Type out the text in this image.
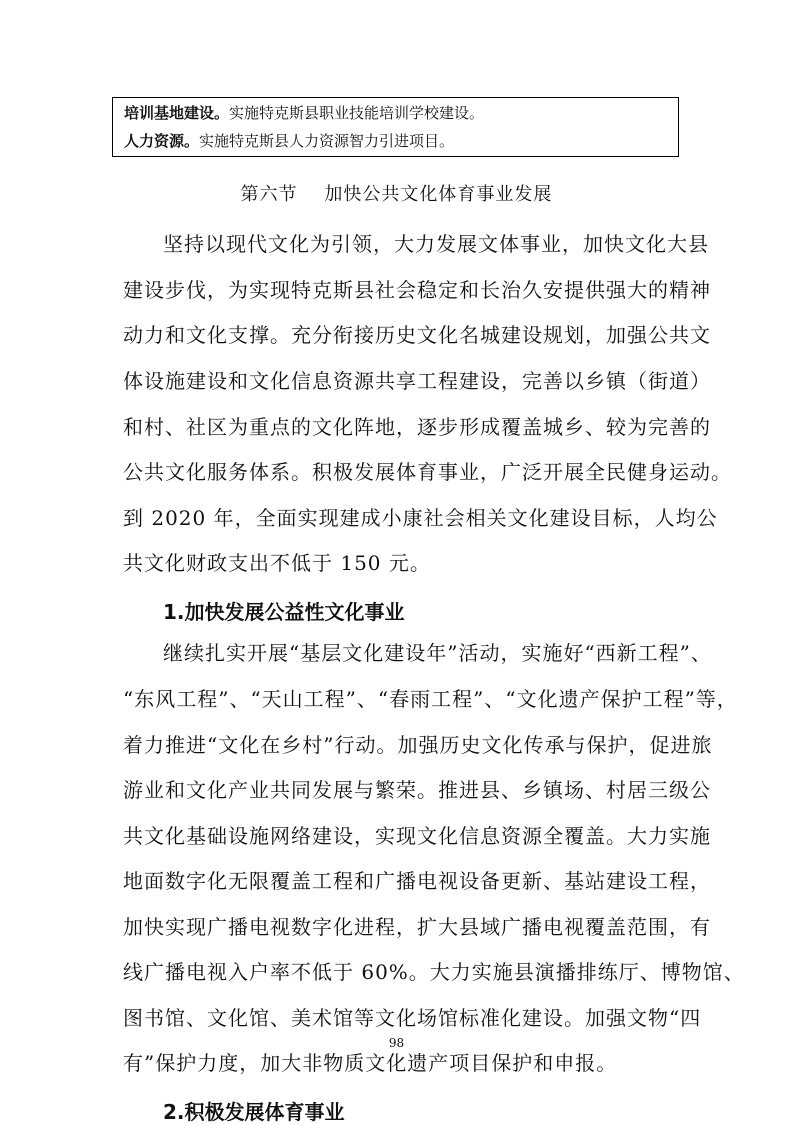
培训基地建设。实施特克斯县职业技能培训学校建设。
人力资源。实施特克斯县人力资源智力引进项目。
第六节    加快公共文化体育事业发展
坚持以现代文化为引领，大力发展文体事业，加快文化大县
建设步伐，为实现特克斯县社会稳定和长治久安提供强大的精神
动力和文化支撑。充分衔接历史文化名城建设规划，加强公共文
体设施建设和文化信息资源共享工程建设，完善以乡镇（街道）
和村、社区为重点的文化阵地，逐步形成覆盖城乡、较为完善的
公共文化服务体系。积极发展体育事业，广泛开展全民健身运动。
到 2020 年，全面实现建成小康社会相关文化建设目标，人均公
共文化财政支出不低于 150 元。
1.加快发展公益性文化事业
继续扎实开展“基层文化建设年”活动，实施好“西新工程”、
“东风工程”、“天山工程”、“春雨工程”、“文化遗产保护工程”等，
着力推进“文化在乡村”行动。加强历史文化传承与保护，促进旅
游业和文化产业共同发展与繁荣。推进县、乡镇场、村居三级公
共文化基础设施网络建设，实现文化信息资源全覆盖。大力实施
地面数字化无限覆盖工程和广播电视设备更新、基站建设工程，
加快实现广播电视数字化进程，扩大县域广播电视覆盖范围，有
线广播电视入户率不低于 60%。大力实施县演播排练厅、博物馆、
图书馆、文化馆、美术馆等文化场馆标准化建设。加强文物“四
有”保护力度，加大非物质文化遗产项目保护和申报。
2.积极发展体育事业
98
